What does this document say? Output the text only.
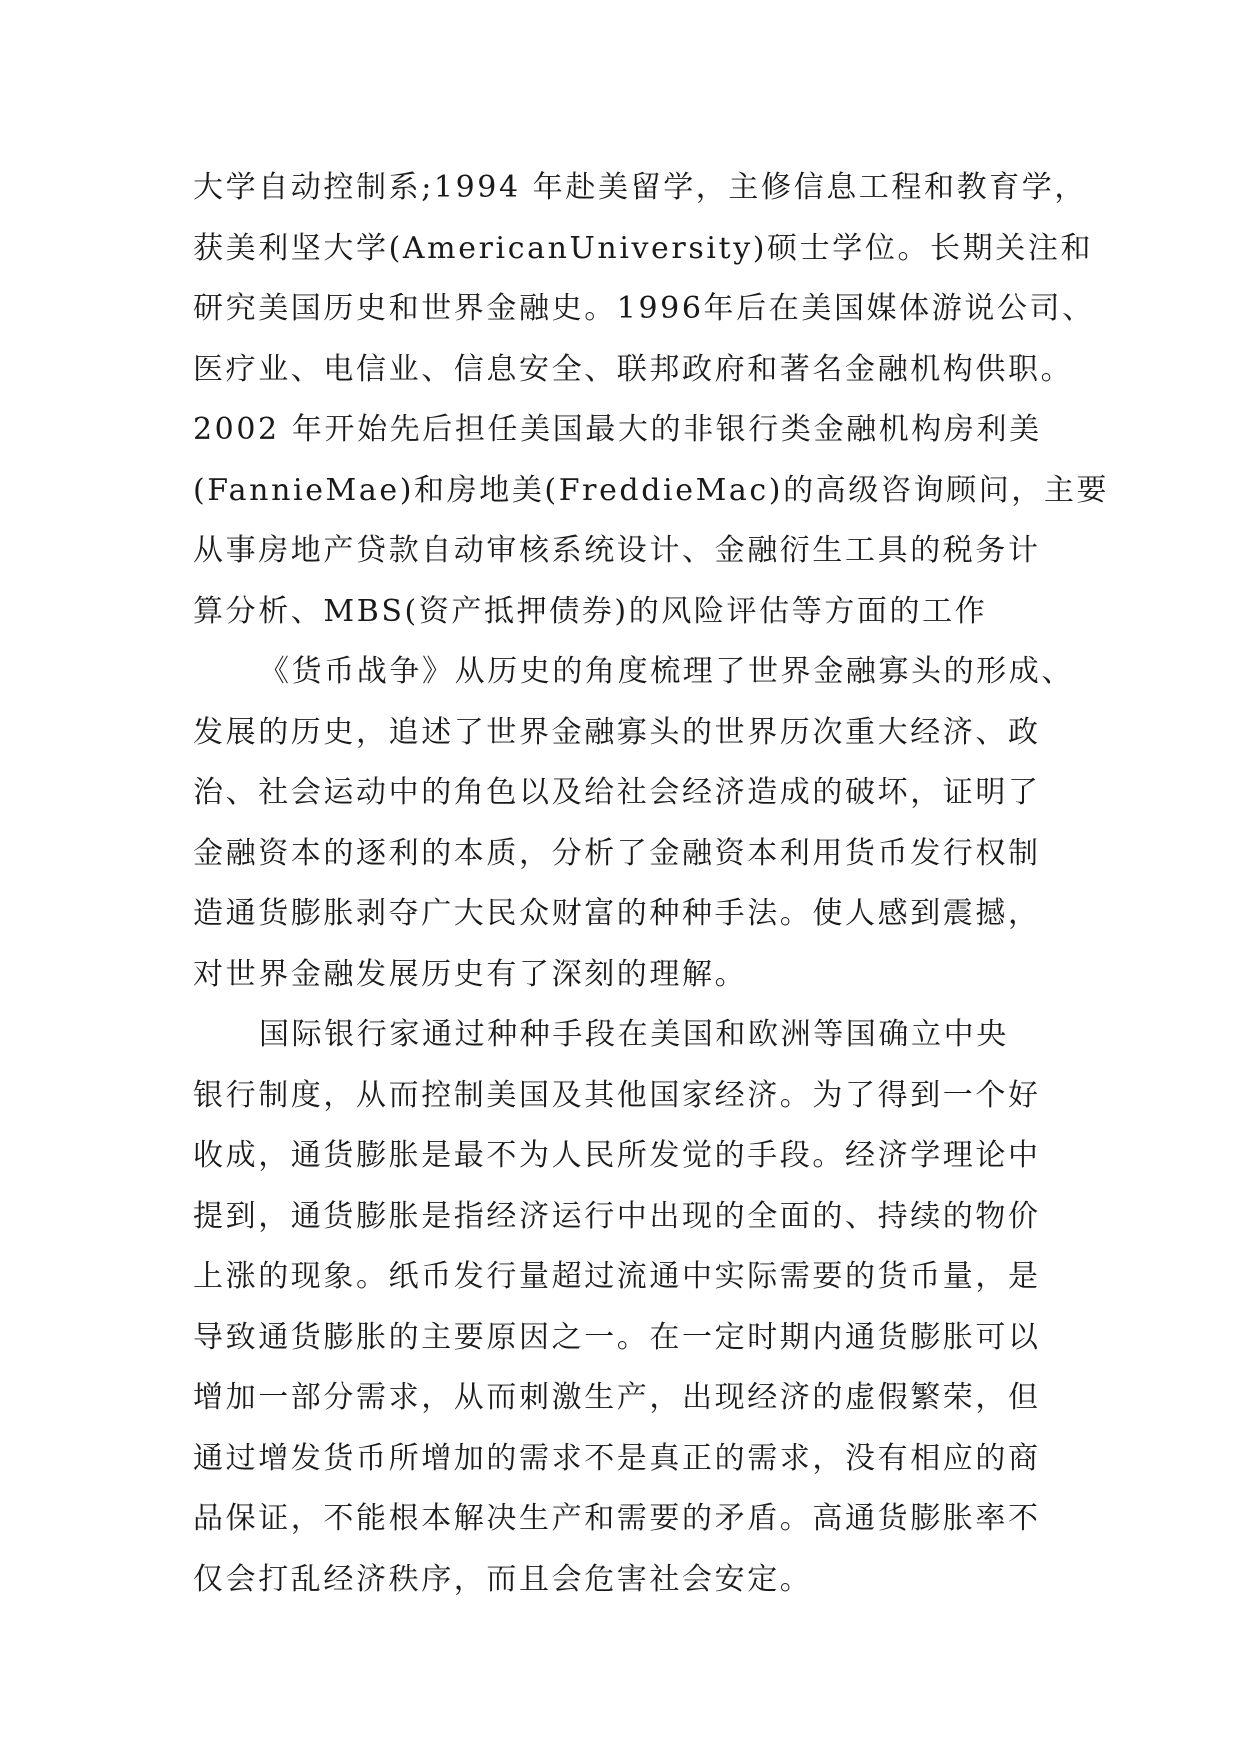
大学自动控制系;1994 年赴美留学，主修信息工程和教育学，
获美利坚大学(AmericanUniversity)硕士学位。长期关注和
研究美国历史和世界金融史。1996年后在美国媒体游说公司、
医疗业、电信业、信息安全、联邦政府和著名金融机构供职。
2002 年开始先后担任美国最大的非银行类金融机构房利美
(FannieMae)和房地美(FreddieMac)的高级咨询顾问，主要
从事房地产贷款自动审核系统设计、金融衍生工具的税务计
算分析、MBS(资产抵押债券)的风险评估等方面的工作
《货币战争》从历史的角度梳理了世界金融寡头的形成、
发展的历史，追述了世界金融寡头的世界历次重大经济、政
治、社会运动中的角色以及给社会经济造成的破坏，证明了
金融资本的逐利的本质，分析了金融资本利用货币发行权制
造通货膨胀剥夺广大民众财富的种种手法。使人感到震撼，
对世界金融发展历史有了深刻的理解。
国际银行家通过种种手段在美国和欧洲等国确立中央
银行制度，从而控制美国及其他国家经济。为了得到一个好
收成，通货膨胀是最不为人民所发觉的手段。经济学理论中
提到，通货膨胀是指经济运行中出现的全面的、持续的物价
上涨的现象。纸币发行量超过流通中实际需要的货币量，是
导致通货膨胀的主要原因之一。在一定时期内通货膨胀可以
增加一部分需求，从而刺激生产，出现经济的虚假繁荣，但
通过增发货币所增加的需求不是真正的需求，没有相应的商
品保证，不能根本解决生产和需要的矛盾。高通货膨胀率不
仅会打乱经济秩序，而且会危害社会安定。
